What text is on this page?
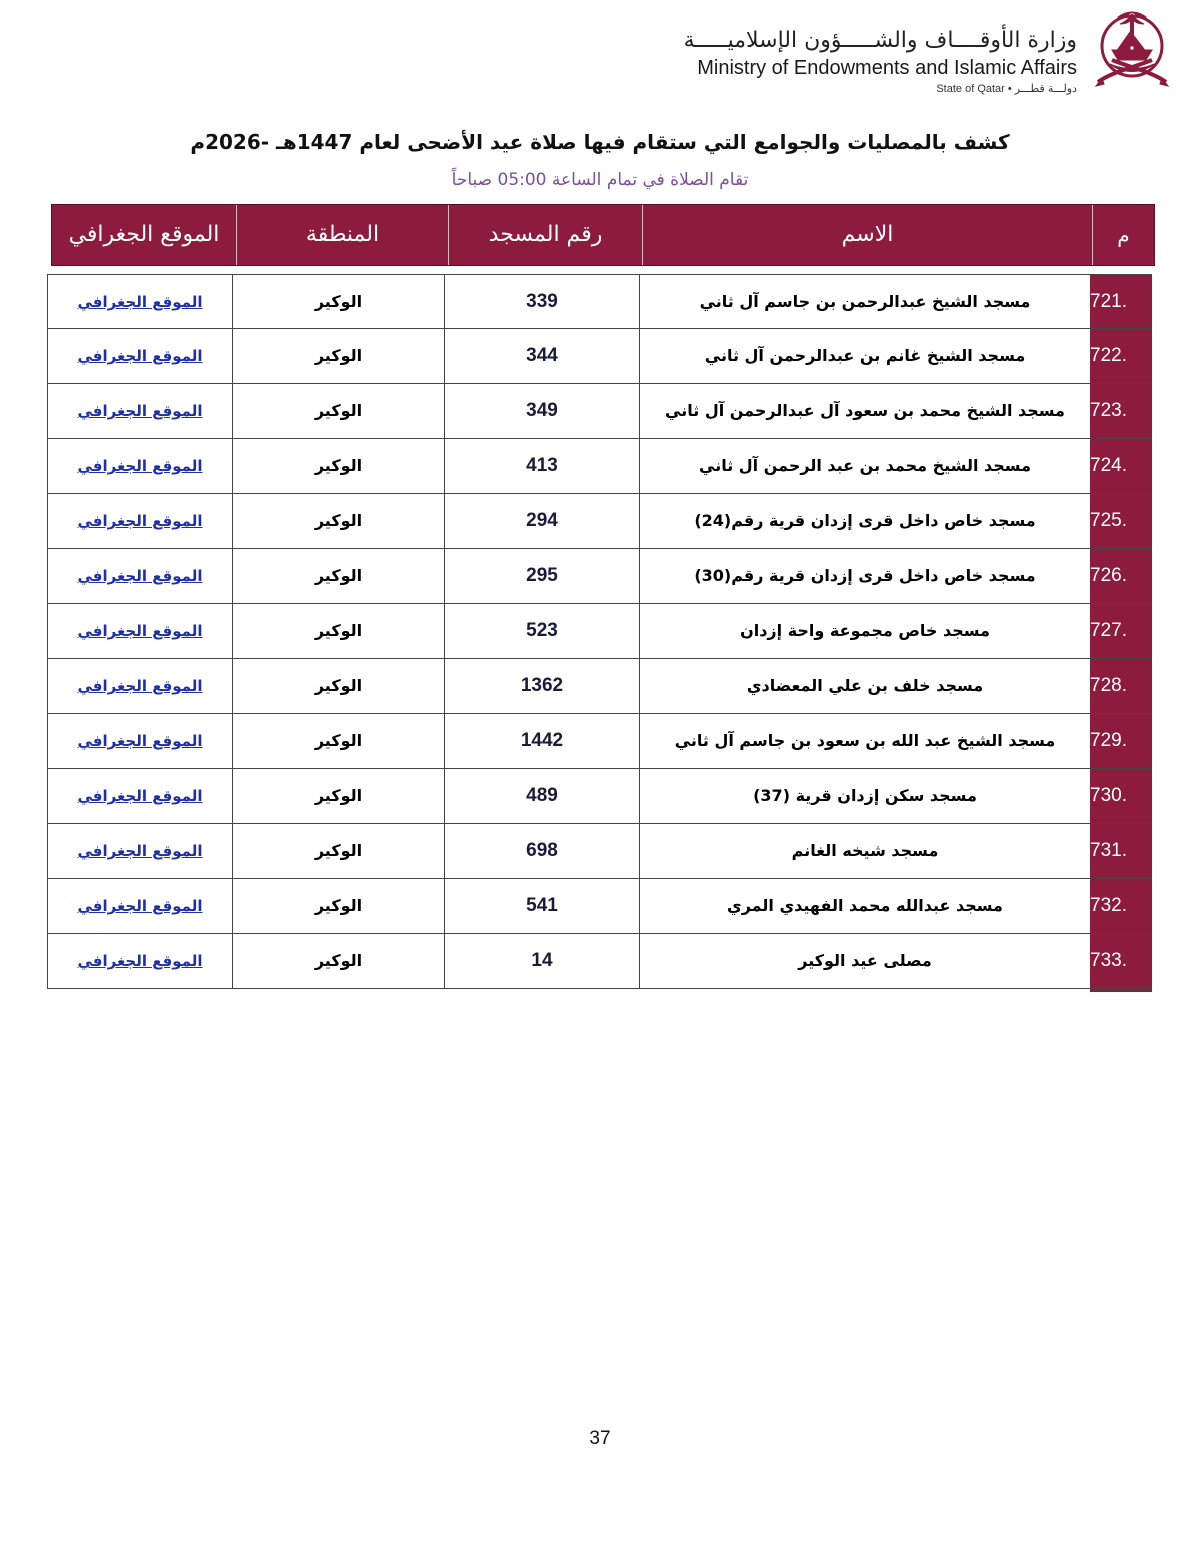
وزارة الأوقــــاف والشـــــؤون الإسلاميـــــة
Ministry of Endowments and Islamic Affairs
State of Qatar • دولـــة قطـــر
كشف بالمصليات والجوامع التي ستقام فيها صلاة عيد الأضحى لعام 1447هـ -2026م
تقام الصلاة في تمام الساعة 05:00 صباحاً
الموقع الجغرافي	المنطقة	رقم المسجد	الاسم	م
الموقع الجغرافي	الوكير	339	مسجد الشيخ عبدالرحمن بن جاسم آل ثاني	721.
الموقع الجغرافي	الوكير	344	مسجد الشيخ غانم بن عبدالرحمن آل ثاني	722.
الموقع الجغرافي	الوكير	349	مسجد الشيخ محمد بن سعود آل عبدالرحمن آل ثاني	723.
الموقع الجغرافي	الوكير	413	مسجد الشيخ محمد بن عبد الرحمن آل ثاني	724.
الموقع الجغرافي	الوكير	294	مسجد خاص داخل قرى إزدان قرية رقم(24)	725.
الموقع الجغرافي	الوكير	295	مسجد خاص داخل قرى إزدان قرية رقم(30)	726.
الموقع الجغرافي	الوكير	523	مسجد خاص مجموعة واحة إزدان	727.
الموقع الجغرافي	الوكير	1362	مسجد خلف بن علي المعضادي	728.
الموقع الجغرافي	الوكير	1442	مسجد الشيخ عبد الله بن سعود بن جاسم آل ثاني	729.
الموقع الجغرافي	الوكير	489	مسجد سكن إزدان قرية (37)	730.
الموقع الجغرافي	الوكير	698	مسجد شيخه الغانم	731.
الموقع الجغرافي	الوكير	541	مسجد عبدالله محمد الفهيدي المري	732.
الموقع الجغرافي	الوكير	14	مصلى عيد الوكير	733.
37
